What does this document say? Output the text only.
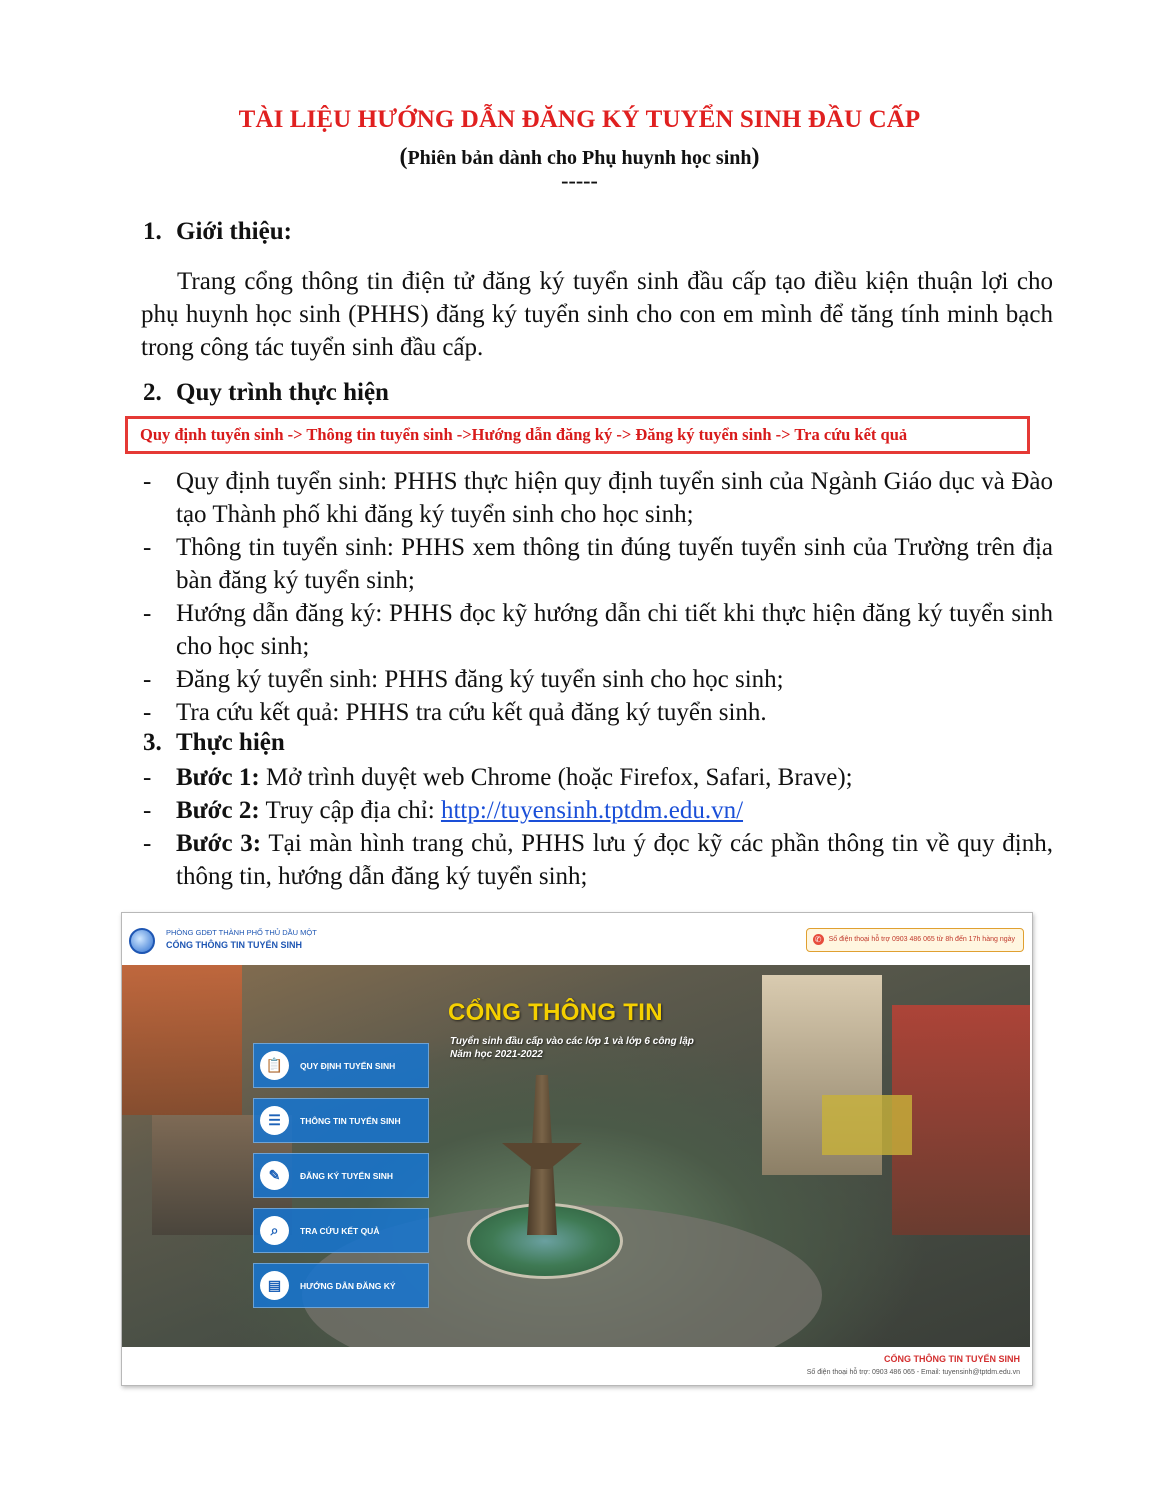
TÀI LIỆU HƯỚNG DẪN ĐĂNG KÝ TUYỂN SINH ĐẦU CẤP
(Phiên bản dành cho Phụ huynh học sinh)
-----
1. Giới thiệu:
Trang cổng thông tin điện tử đăng ký tuyển sinh đầu cấp tạo điều kiện thuận lợi cho phụ huynh học sinh (PHHS) đăng ký tuyển sinh cho con em mình để tăng tính minh bạch trong công tác tuyển sinh đầu cấp.
2. Quy trình thực hiện
Quy định tuyển sinh -> Thông tin tuyển sinh ->Hướng dẫn đăng ký -> Đăng ký tuyển sinh -> Tra cứu kết quả
- Quy định tuyển sinh: PHHS thực hiện quy định tuyển sinh của Ngành Giáo dục và Đào tạo Thành phố khi đăng ký tuyển sinh cho học sinh;
- Thông tin tuyển sinh: PHHS xem thông tin đúng tuyến tuyển sinh của Trường trên địa bàn đăng ký tuyển sinh;
- Hướng dẫn đăng ký: PHHS đọc kỹ hướng dẫn chi tiết khi thực hiện đăng ký tuyển sinh cho học sinh;
- Đăng ký tuyển sinh: PHHS đăng ký tuyển sinh cho học sinh;
- Tra cứu kết quả: PHHS tra cứu kết quả đăng ký tuyển sinh.
3. Thực hiện
- Bước 1: Mở trình duyệt web Chrome (hoặc Firefox, Safari, Brave);
- Bước 2: Truy cập địa chỉ: http://tuyensinh.tptdm.edu.vn/
- Bước 3: Tại màn hình trang chủ, PHHS lưu ý đọc kỹ các phần thông tin về quy định, thông tin, hướng dẫn đăng ký tuyển sinh;
PHÒNG GDĐT THÀNH PHỐ THỦ DẦU MỘT
CỔNG THÔNG TIN TUYỂN SINH
✆	Số điện thoại hỗ trợ 0903 486 065 từ 8h đến 17h hàng ngày
CỔNG THÔNG TIN
Tuyển sinh đầu cấp vào các lớp 1 và lớp 6 công lập
Năm học 2021-2022
📋	QUY ĐỊNH TUYỂN SINH
☰	THÔNG TIN TUYỂN SINH
✎	ĐĂNG KÝ TUYỂN SINH
⌕	TRA CỨU KẾT QUẢ
▤	HƯỚNG DẪN ĐĂNG KÝ
CỔNG THÔNG TIN TUYỂN SINH
Số điện thoại hỗ trợ: 0903 486 065 - Email: tuyensinh@tptdm.edu.vn
